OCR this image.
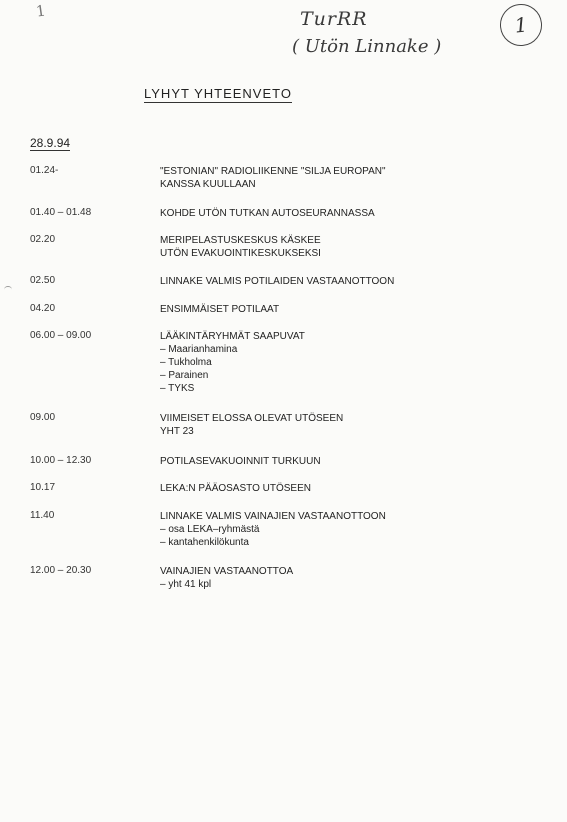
1	TurRR
( Utön Linnake )
1
LYHYT YHTEENVETO
28.9.94
01.24-	"ESTONIAN" RADIOLIIKENNE "SILJA EUROPAN"
KANSSA KUULLAAN
01.40 – 01.48	KOHDE UTÖN TUTKAN AUTOSEURANNASSA
02.20	MERIPELASTUSKESKUS KÄSKEE
UTÖN EVAKUOINTIKESKUKSEKSI
02.50	LINNAKE VALMIS POTILAIDEN VASTAANOTTOON
04.20	ENSIMMÄISET POTILAAT
06.00 – 09.00	LÄÄKINTÄRYHMÄT SAAPUVAT
– Maarianhamina
– Tukholma
– Parainen
– TYKS
09.00	VIIMEISET ELOSSA OLEVAT UTÖSEEN
YHT 23
10.00 – 12.30	POTILASEVAKUOINNIT TURKUUN
10.17	LEKA:N PÄÄOSASTO UTÖSEEN
11.40	LINNAKE VALMIS VAINAJIEN VASTAANOTTOON
– osa LEKA–ryhmästä
– kantahenkilökunta
12.00 – 20.30	VAINAJIEN VASTAANOTTOA
– yht 41 kpl
